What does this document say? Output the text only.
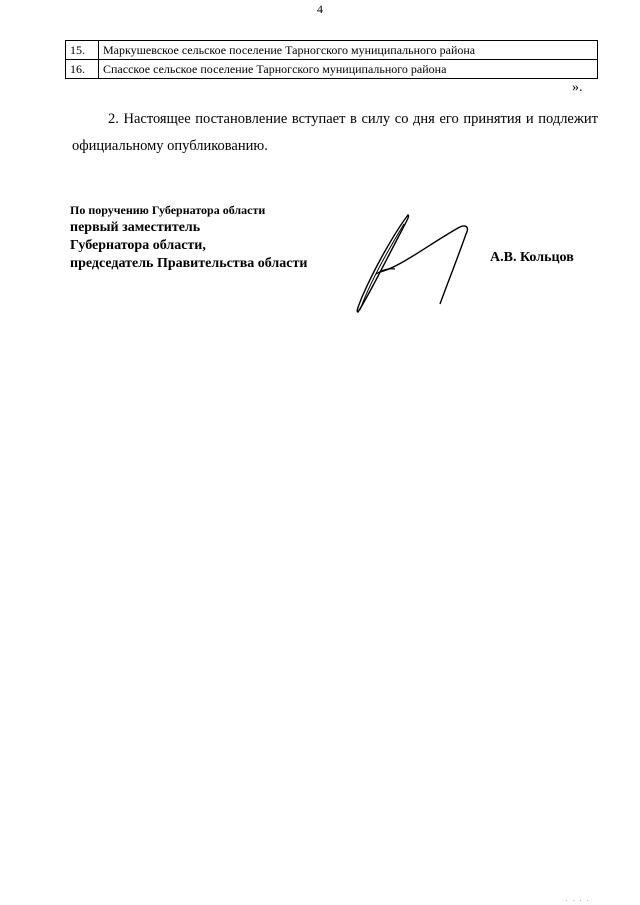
4
15.	Маркушевское сельское поселение Тарногского муниципального района
16.	Спасское сельское поселение Тарногского муниципального района
».
2. Настоящее постановление вступает в силу со дня его принятия и подлежит официальному опубликованию.
По поручению Губернатора области
первый заместитель
Губернатора области,
председатель Правительства области	А.В. Кольцов
. . . .
